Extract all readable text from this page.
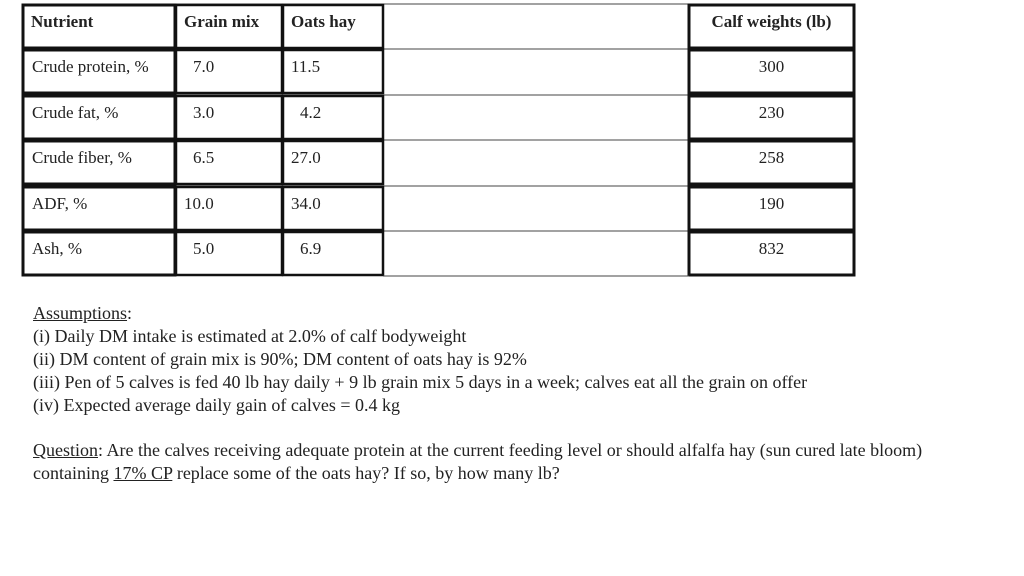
Nutrient	Grain mix	Oats hay	Calf weights (lb)
Crude protein, %	7.0	11.5	300
Crude fat, %	3.0	4.2	230
Crude fiber, %	6.5	27.0	258
ADF, %	10.0	34.0	190
Ash, %	5.0	6.9	832

Assumptions:

(i) Daily DM intake is estimated at 2.0% of calf bodyweight

(ii) DM content of grain mix is 90%; DM content of oats hay is 92%

(iii) Pen of 5 calves is fed 40 lb hay daily + 9 lb grain mix 5 days in a week; calves eat all the grain on offer

(iv) Expected average daily gain of calves = 0.4 kg

Question: Are the calves receiving adequate protein at the current feeding level or should alfalfa hay (sun cured late bloom) containing 17% CP replace some of the oats hay? If so, by how many lb?
